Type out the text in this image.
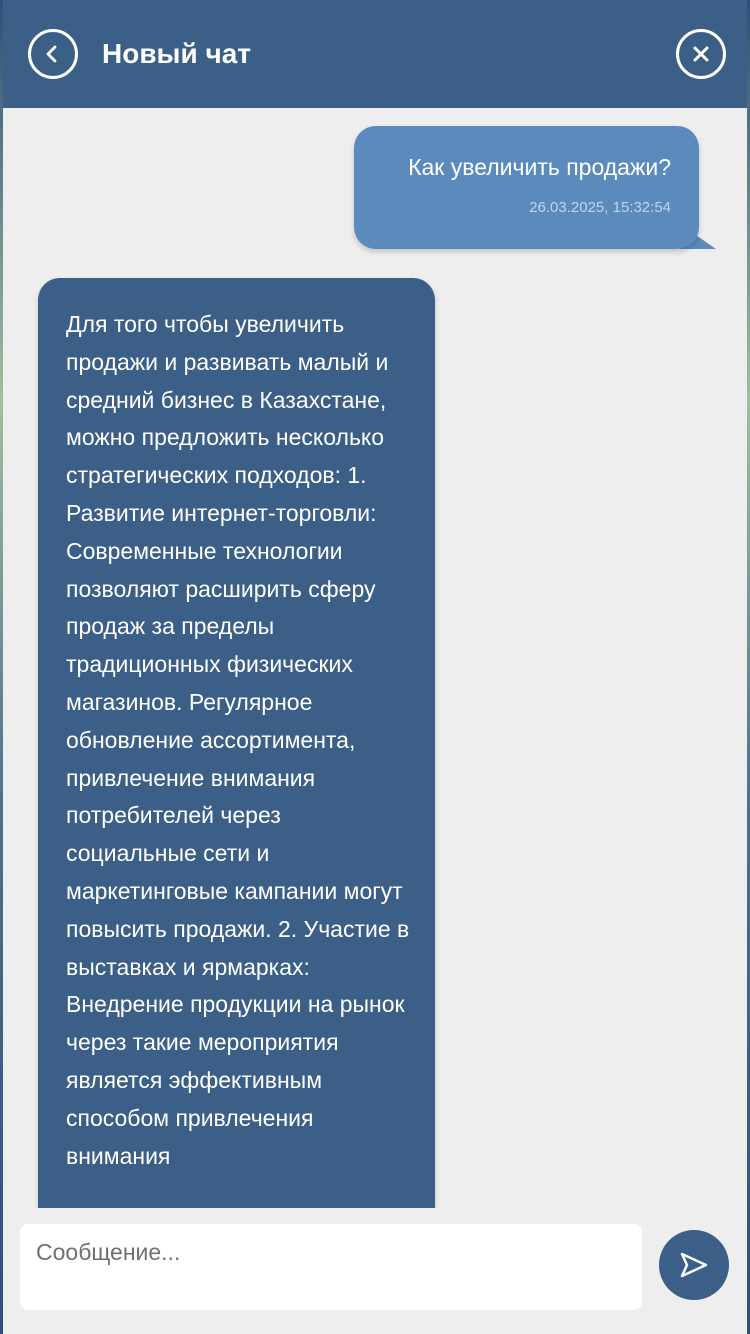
Новый чат
Как увеличить продажи?
26.03.2025, 15:32:54

Для того чтобы увеличить продажи и развивать малый и средний бизнес в Казахстане, можно предложить несколько стратегических подходов: 1. Развитие интернет-торговли: Современные технологии позволяют расширить сферу продаж за пределы традиционных физических магазинов. Регулярное обновление ассортимента, привлечение внимания потребителей через социальные сети и маркетинговые кампании могут повысить продажи. 2. Участие в выставках и ярмарках: Внедрение продукции на рынок через такие мероприятия является эффективным способом привлечения внимания

Сообщение...
